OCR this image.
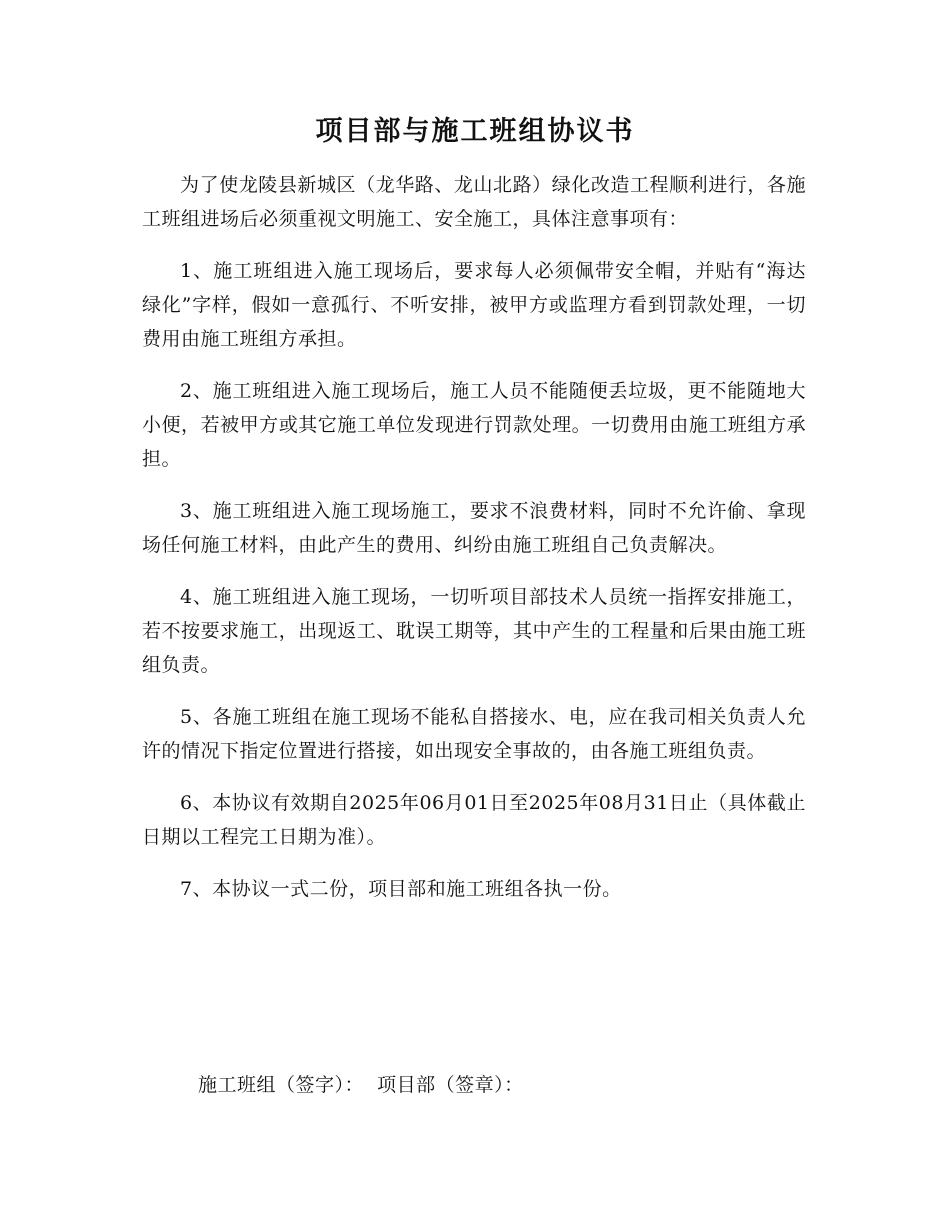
项目部与施工班组协议书

为了使龙陵县新城区（龙华路、龙山北路）绿化改造工程顺利进行，各施工班组进场后必须重视文明施工、安全施工，具体注意事项有：

1、施工班组进入施工现场后，要求每人必须佩带安全帽，并贴有“海达绿化”字样，假如一意孤行、不听安排，被甲方或监理方看到罚款处理，一切费用由施工班组方承担。

2、施工班组进入施工现场后，施工人员不能随便丢垃圾，更不能随地大小便，若被甲方或其它施工单位发现进行罚款处理。一切费用由施工班组方承担。

3、施工班组进入施工现场施工，要求不浪费材料，同时不允许偷、拿现场任何施工材料，由此产生的费用、纠纷由施工班组自己负责解决。

4、施工班组进入施工现场，一切听项目部技术人员统一指挥安排施工，若不按要求施工，出现返工、耽误工期等，其中产生的工程量和后果由施工班组负责。

5、各施工班组在施工现场不能私自搭接水、电，应在我司相关负责人允许的情况下指定位置进行搭接，如出现安全事故的，由各施工班组负责。

6、本协议有效期自2025年06月01日至2025年08月31日止（具体截止日期以工程完工日期为准）。

7、本协议一式二份，项目部和施工班组各执一份。

施工班组（签字）：  项目部（签章）：
